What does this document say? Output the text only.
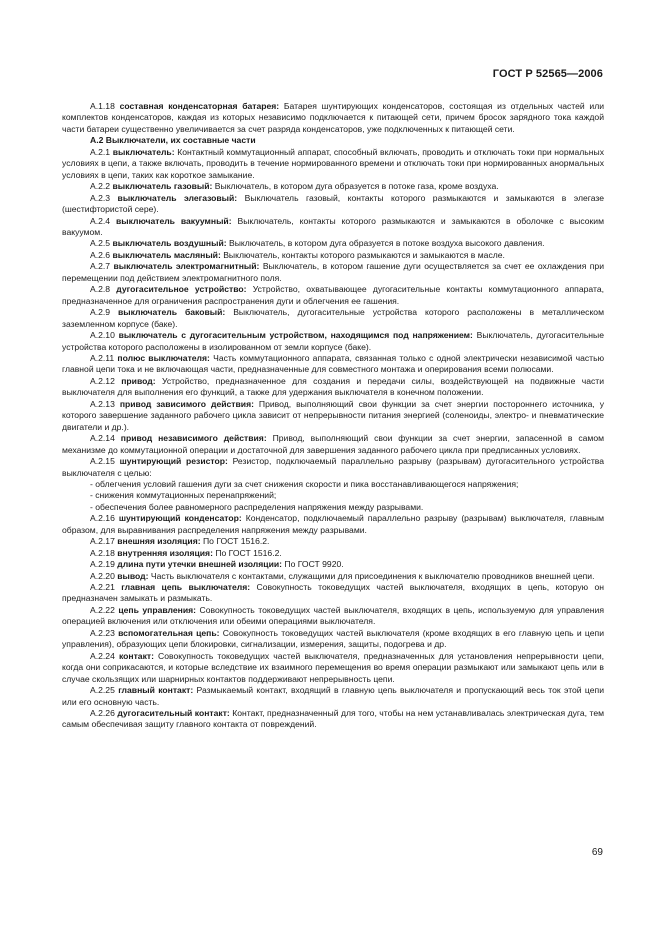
ГОСТ Р 52565—2006

А.1.18 составная конденсаторная батарея: Батарея шунтирующих конденсаторов, состоящая из отдельных частей или комплектов конденсаторов, каждая из которых независимо подключается к питающей сети, причем бросок зарядного тока каждой части батареи существенно увеличивается за счет разряда конденсаторов, уже подключенных к питающей сети.

А.2 Выключатели, их составные части

А.2.1 выключатель: Контактный коммутационный аппарат, способный включать, проводить и отключать токи при нормальных условиях в цепи, а также включать, проводить в течение нормированного времени и отключать токи при нормированных анормальных условиях в цепи, таких как короткое замыкание.

А.2.2 выключатель газовый: Выключатель, в котором дуга образуется в потоке газа, кроме воздуха.

А.2.3 выключатель элегазовый: Выключатель газовый, контакты которого размыкаются и замыкаются в элегазе (шестифтористой сере).

А.2.4 выключатель вакуумный: Выключатель, контакты которого размыкаются и замыкаются в оболочке с высоким вакуумом.

А.2.5 выключатель воздушный: Выключатель, в котором дуга образуется в потоке воздуха высокого давления.

А.2.6 выключатель масляный: Выключатель, контакты которого размыкаются и замыкаются в масле.

А.2.7 выключатель электромагнитный: Выключатель, в котором гашение дуги осуществляется за счет ее охлаждения при перемещении под действием электромагнитного поля.

А.2.8 дугогасительное устройство: Устройство, охватывающее дугогасительные контакты коммутационного аппарата, предназначенное для ограничения распространения дуги и облегчения ее гашения.

А.2.9 выключатель баковый: Выключатель, дугогасительные устройства которого расположены в металлическом заземленном корпусе (баке).

А.2.10 выключатель с дугогасительным устройством, находящимся под напряжением: Выключатель, дугогасительные устройства которого расположены в изолированном от земли корпусе (баке).

А.2.11 полюс выключателя: Часть коммутационного аппарата, связанная только с одной электрически независимой частью главной цепи тока и не включающая части, предназначенные для совместного монтажа и оперирования всеми полюсами.

А.2.12 привод: Устройство, предназначенное для создания и передачи силы, воздействующей на подвижные части выключателя для выполнения его функций, а также для удержания выключателя в конечном положении.

А.2.13 привод зависимого действия: Привод, выполняющий свои функции за счет энергии постороннего источника, у которого завершение заданного рабочего цикла зависит от непрерывности питания энергией (соленоиды, электро- и пневматические двигатели и др.).

А.2.14 привод независимого действия: Привод, выполняющий свои функции за счет энергии, запасенной в самом механизме до коммутационной операции и достаточной для завершения заданного рабочего цикла при предписанных условиях.

А.2.15 шунтирующий резистор: Резистор, подключаемый параллельно разрыву (разрывам) дугогасительного устройства выключателя с целью:

- облегчения условий гашения дуги за счет снижения скорости и пика восстанавливающегося напряжения;

- снижения коммутационных перенапряжений;

- обеспечения более равномерного распределения напряжения между разрывами.

А.2.16 шунтирующий конденсатор: Конденсатор, подключаемый параллельно разрыву (разрывам) выключателя, главным образом, для выравнивания распределения напряжения между разрывами.

А.2.17 внешняя изоляция: По ГОСТ 1516.2.

А.2.18 внутренняя изоляция: По ГОСТ 1516.2.

А.2.19 длина пути утечки внешней изоляции: По ГОСТ 9920.

А.2.20 вывод: Часть выключателя с контактами, служащими для присоединения к выключателю проводников внешней цепи.

А.2.21 главная цепь выключателя: Совокупность токоведущих частей выключателя, входящих в цепь, которую он предназначен замыкать и размыкать.

А.2.22 цепь управления: Совокупность токоведущих частей выключателя, входящих в цепь, используемую для управления операцией включения или отключения или обеими операциями выключателя.

А.2.23 вспомогательная цепь: Совокупность токоведущих частей выключателя (кроме входящих в его главную цепь и цепи управления), образующих цепи блокировки, сигнализации, измерения, защиты, подогрева и др.

А.2.24 контакт: Совокупность токоведущих частей выключателя, предназначенных для установления непрерывности цепи, когда они соприкасаются, и которые вследствие их взаимного перемещения во время операции размыкают или замыкают цепь или в случае скользящих или шарнирных контактов поддерживают непрерывность цепи.

А.2.25 главный контакт: Размыкаемый контакт, входящий в главную цепь выключателя и пропускающий весь ток этой цепи или его основную часть.

А.2.26 дугогасительный контакт: Контакт, предназначенный для того, чтобы на нем устанавливалась электрическая дуга, тем самым обеспечивая защиту главного контакта от повреждений.

69
